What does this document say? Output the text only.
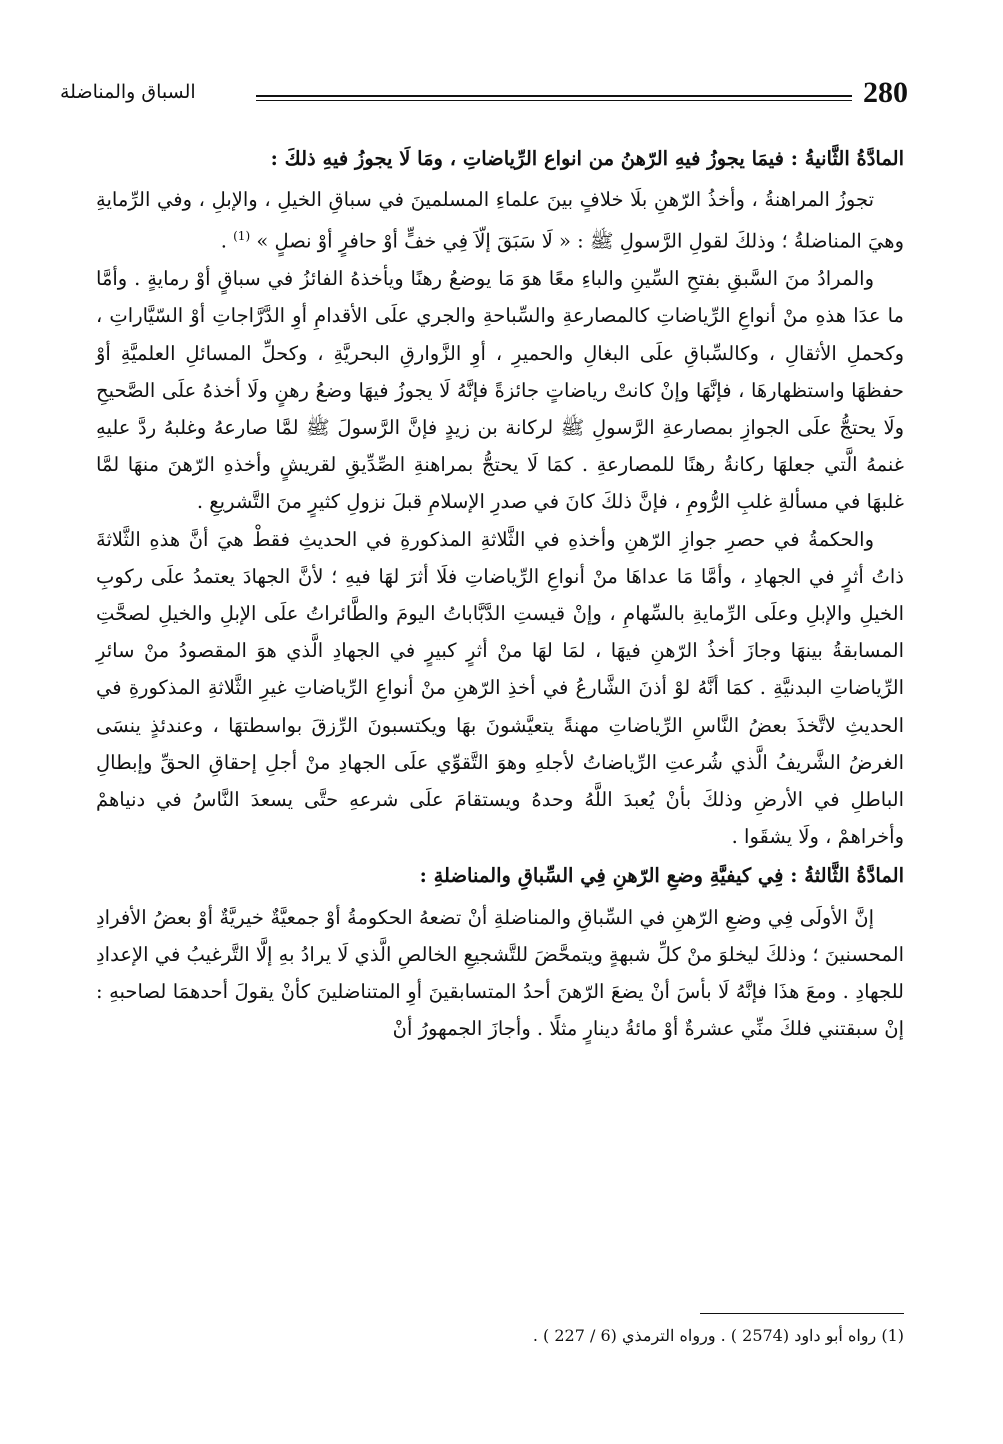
280
السباق والمناضلة
المادَّةُ الثَّانيةُ : فيمَا يجوزُ فيهِ الرّهنُ من انواع الرِّياضاتِ ، ومَا لَا يجوزُ فيهِ ذلكَ :

تجوزُ المراهنةُ ، وأخذُ الرّهنِ بلَا خلافٍ بينَ علماءِ المسلمينَ في سباقِ الخيلِ ، والإبلِ ، وفي الرِّمايةِ وهيَ المناضلةُ ؛ وذلكَ لقولِ الرَّسولِ ﷺ : « لَا سَبَقَ إلّاَ فِي خفٍّ أوْ حافرٍ أوْ نصلٍ » $^{(1)}$ .

والمرادُ منَ السَّبقِ بفتحِ السِّينِ والباءِ معًا هوَ مَا يوضعُ رهنًا ويأخذهُ الفائزُ في سباقٍ أوْ رمايةٍ . وأمَّا ما عدَا هذهِ منْ أنواعِ الرِّياضاتِ كالمصارعةِ والسِّباحةِ والجري علَى الأقدامِ أوِ الدَّرَّاجاتِ أوْ السّيَّاراتِ ، وكحملِ الأثقالِ ، وكالسِّباقِ علَى البغالِ والحميرِ ، أوِ الزَّوارقِ البحريَّةِ ، وكحلِّ المسائلِ العلميَّةِ أوْ حفظهَا واستظهارهَا ، فإنَّهَا وإنْ كانتْ رياضاتٍ جائزةً فإنَّهُ لَا يجوزُ فيهَا وضعُ رهنٍ ولَا أخذهُ علَى الصَّحيحِ ولَا يحتجُّ علَى الجوازِ بمصارعةِ الرَّسولِ ﷺ لركانة بن زيدٍ فإنَّ الرَّسولَ ﷺ لمَّا صارعهُ وغلبهُ ردَّ عليهِ غنمهُ الَّتي جعلهَا ركانةُ رهنًا للمصارعةِ . كمَا لَا يحتجُّ بمراهنةِ الصِّدِّيقِ لقريشٍ وأخذهِ الرّهنَ منهَا لمَّا غلبهَا في مسألةِ غلبِ الرُّومِ ، فإنَّ ذلكَ كانَ في صدرِ الإسلامِ قبلَ نزولِ كثيرٍ منَ التَّشريعِ .

والحكمةُ في حصرِ جوازِ الرّهنِ وأخذهِ في الثَّلاثةِ المذكورةِ في الحديثِ فقطْ هيَ أنَّ هذهِ الثَّلاثةَ ذاتُ أثرٍ في الجهادِ ، وأمَّا مَا عداهَا منْ أنواعِ الرِّياضاتِ فلَا أثرَ لهَا فيهِ ؛ لأنَّ الجهادَ يعتمدُ علَى ركوبِ الخيلِ والإبلِ وعلَى الرِّمايةِ بالسِّهامِ ، وإنْ قيستِ الدَّبَّاباتُ اليومَ والطَّائراتُ علَى الإبلِ والخيلِ لصحَّتِ المسابقةُ بينهَا وجازَ أخذُ الرّهنِ فيهَا ، لمَا لهَا منْ أثرٍ كبيرٍ في الجهادِ الَّذي هوَ المقصودُ منْ سائرِ الرِّياضاتِ البدنيَّةِ . كمَا أنَّهُ لوْ أذنَ الشَّارعُ في أخذِ الرّهنِ منْ أنواعِ الرِّياضاتِ غيرِ الثَّلاثةِ المذكورةِ في الحديثِ لاتَّخذَ بعضُ النَّاسِ الرِّياضاتِ مهنةً يتعيَّشونَ بهَا ويكتسبونَ الرِّزقَ بواسطتهَا ، وعندئذٍ ينسَى الغرضُ الشَّريفُ الَّذي شُرعتِ الرِّياضاتُ لأجلهِ وهوَ التَّقوِّي علَى الجهادِ منْ أجلِ إحقاقِ الحقِّ وإبطالِ الباطلِ في الأرضِ وذلكَ بأنْ يُعبدَ اللَّهُ وحدهُ ويستقامَ علَى شرعهِ حتَّى يسعدَ النَّاسُ في دنياهمْ وأخراهمْ ، ولَا يشقَوا .

المادَّةُ الثَّالثةُ : فِي كيفيَّةِ وضعِ الرّهنِ فِي السِّباقِ والمناضلةِ :

إنَّ الأولَى فِي وضعِ الرّهنِ في السِّباقِ والمناضلةِ أنْ تضعهُ الحكومةُ أوْ جمعيَّةٌ خيريَّةٌ أوْ بعضُ الأفرادِ المحسنينَ ؛ وذلكَ ليخلوَ منْ كلِّ شبهةٍ ويتمحَّضَ للتَّشجيعِ الخالصِ الَّذي لَا يرادُ بهِ إلَّا التَّرغيبُ في الإعدادِ للجهادِ . ومعَ هذَا فإنَّهُ لَا بأسَ أنْ يضعَ الرّهنَ أحدُ المتسابقينَ أوِ المتناضلينَ كأنْ يقولَ أحدهمَا لصاحبهِ : إنْ سبقتني فلكَ منِّي عشرةٌ أوْ مائةُ دينارٍ مثلًا . وأجازَ الجمهورُ أنْ

(1) رواه أبو داود (2574 ) . ورواه الترمذي (6 / 227 ) .
